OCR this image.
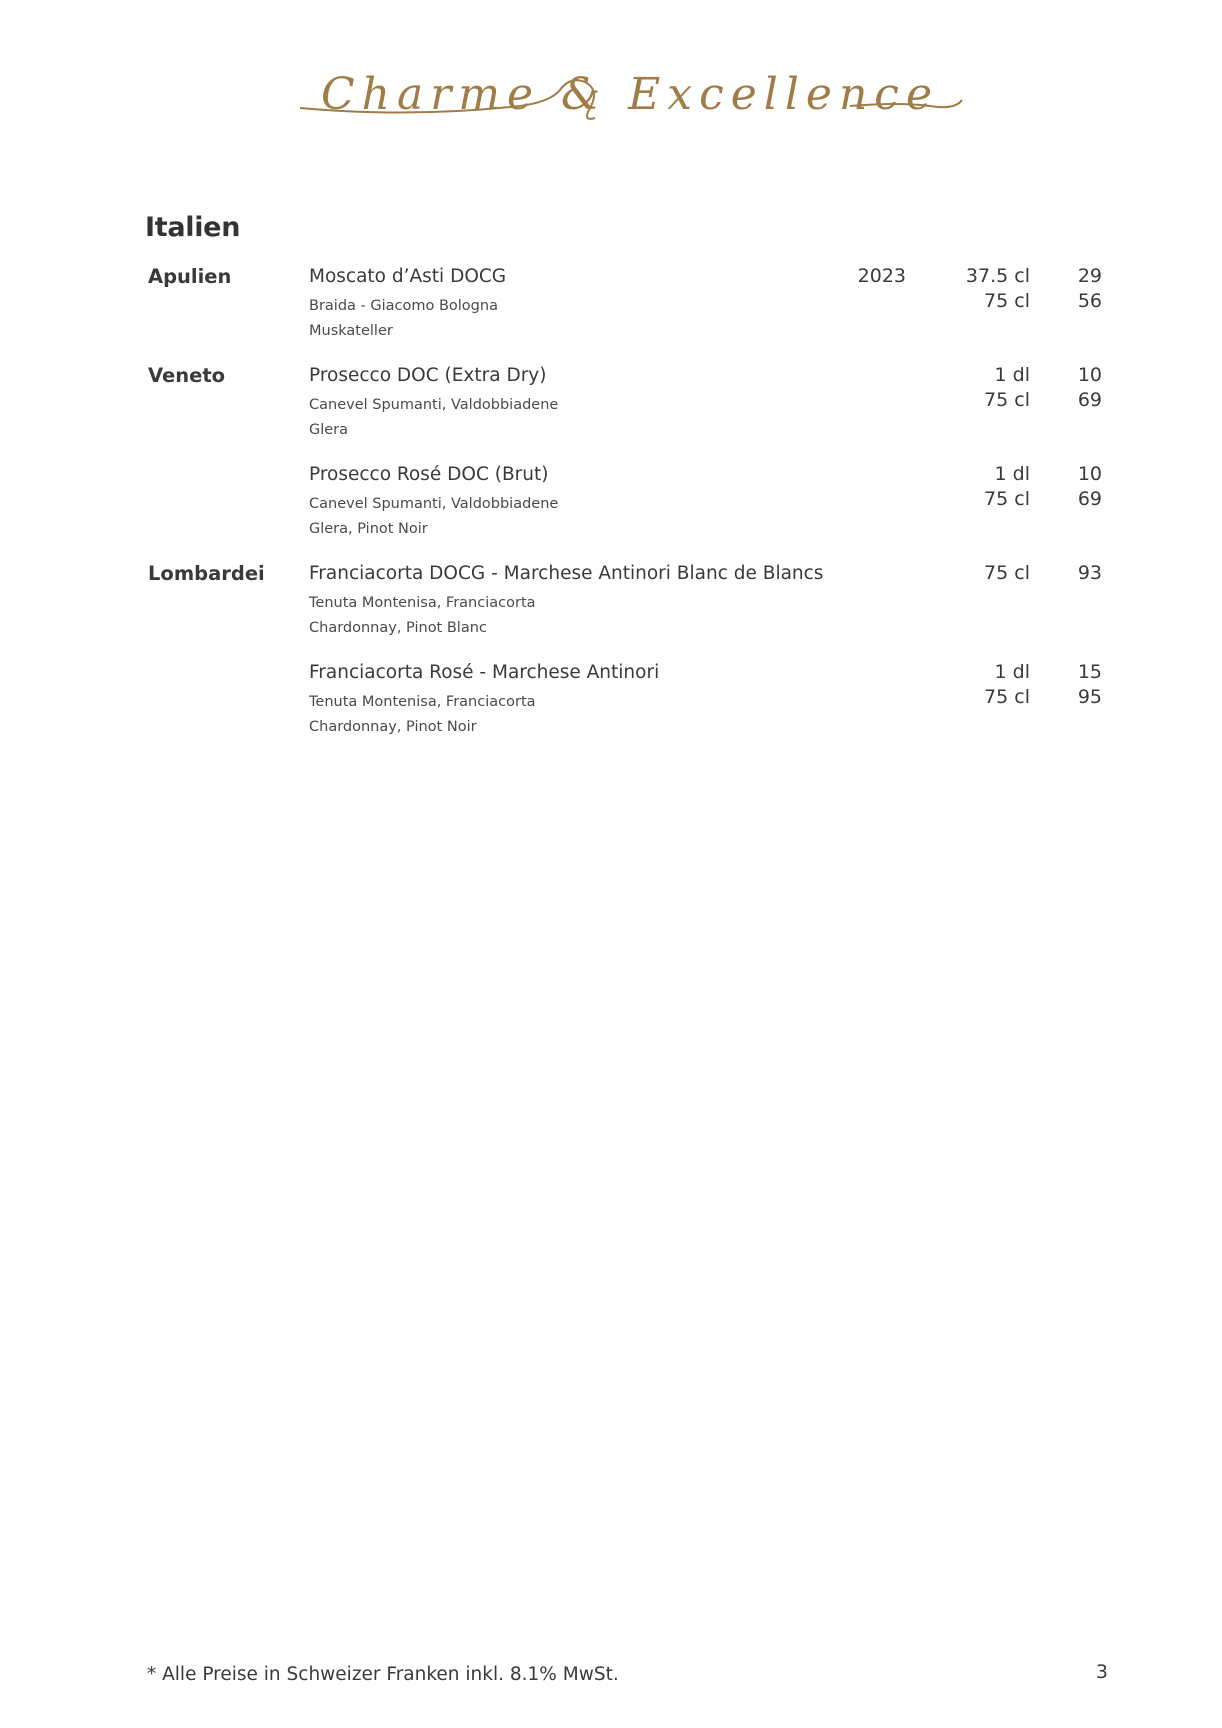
Charme & Excellence
Italien
Apulien	Moscato d’Asti DOCG
Braida - Giacomo Bologna
Muskateller
2023	37.5 cl	29
75 cl	56
Veneto	Prosecco DOC (Extra Dry)
Canevel Spumanti, Valdobbiadene
Glera
1 dl	10
75 cl	69
Prosecco Rosé DOC (Brut)
Canevel Spumanti, Valdobbiadene
Glera, Pinot Noir
1 dl	10
75 cl	69
Lombardei Franciacorta DOCG - Marchese Antinori Blanc de Blancs
Tenuta Montenisa, Franciacorta
Chardonnay, Pinot Blanc
75 cl	93
Franciacorta Rosé - Marchese Antinori
Tenuta Montenisa, Franciacorta
Chardonnay, Pinot Noir
1 dl	15
75 cl	95
* Alle Preise in Schweizer Franken inkl. 8.1% MwSt.	3
